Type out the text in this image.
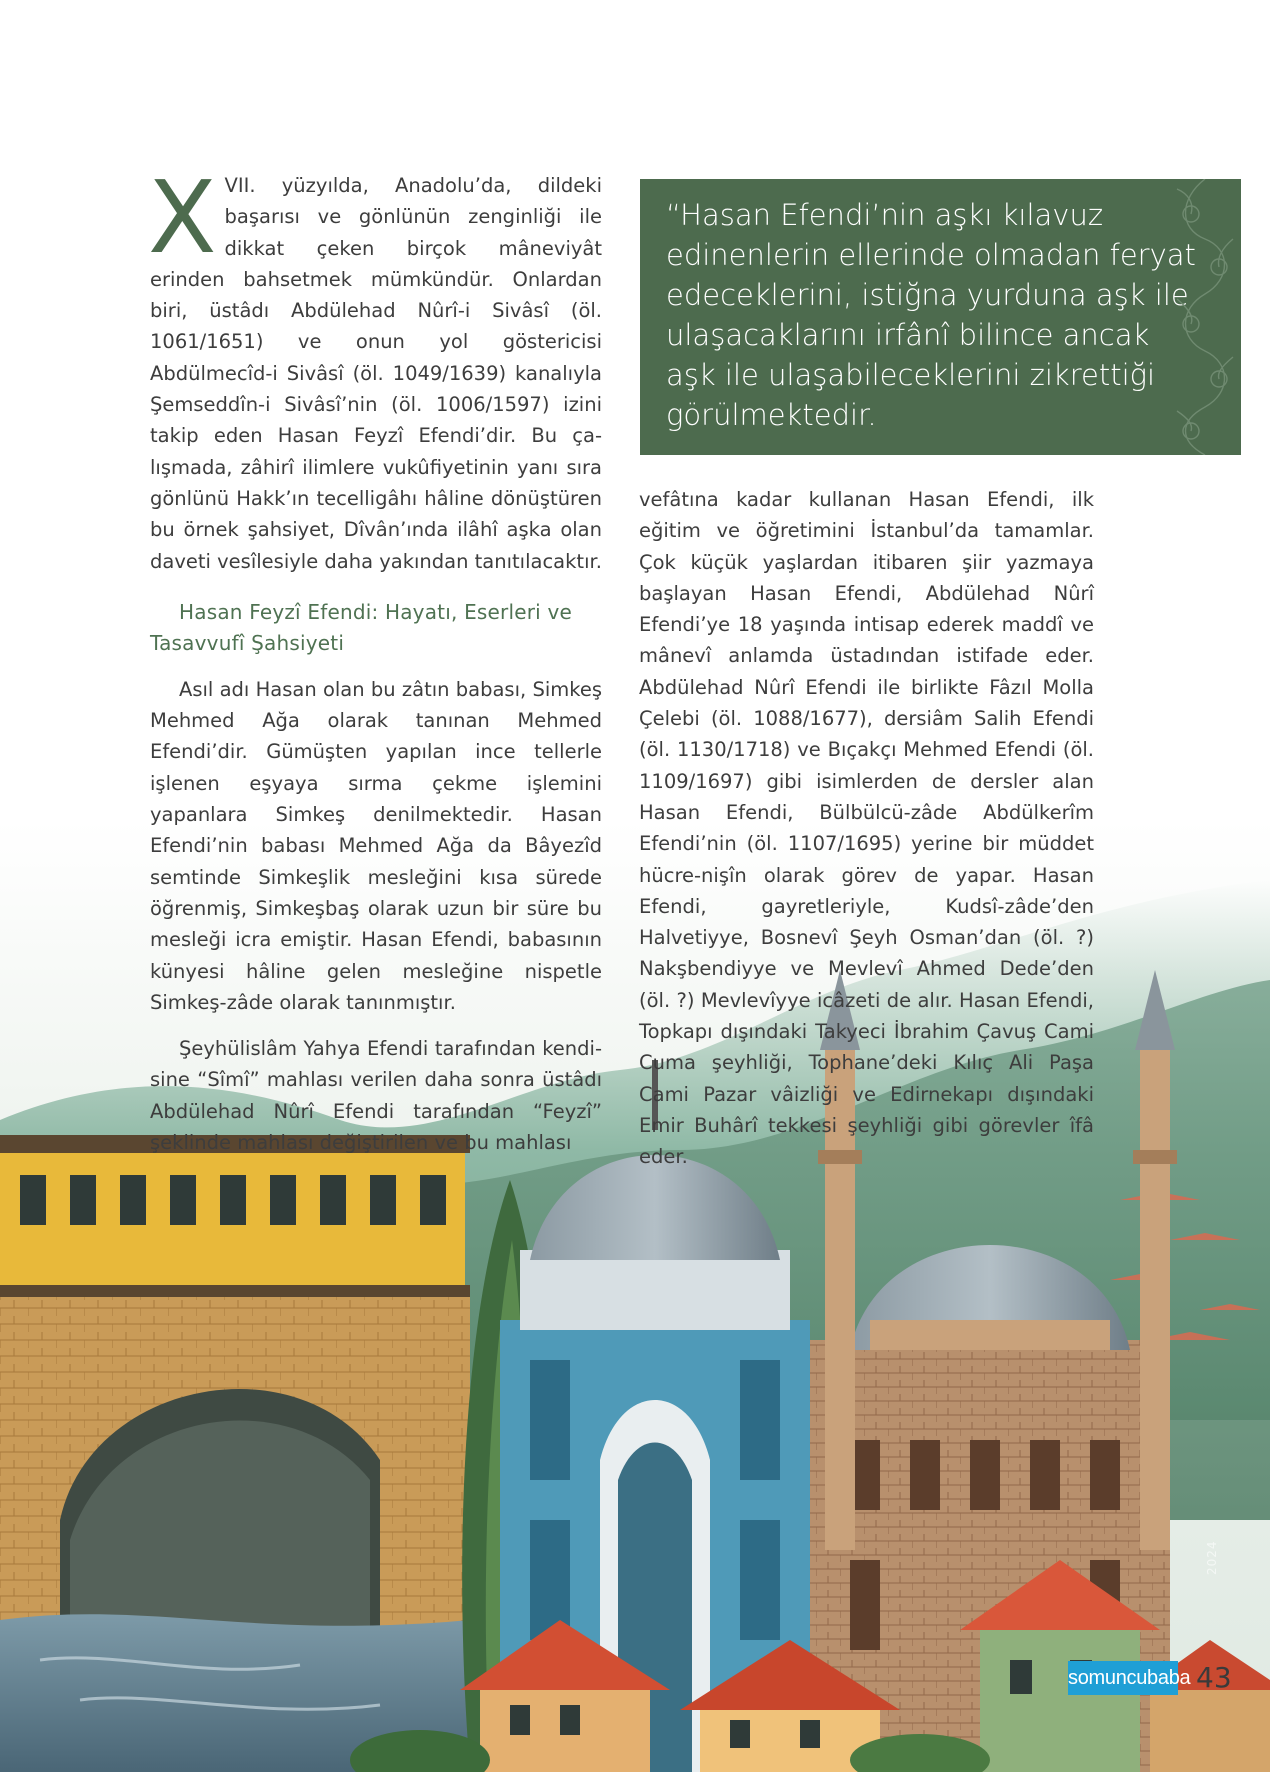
XVII. yüzyılda, Anadolu’da, dildeki başarısı ve gönlünün zenginliği ile dikkat çeken birçok mâneviyât erinden bahsetmek mümkündür. Onlardan biri, üstâdı Abdülehad Nûrî-i Sivâsî (öl. 1061/1651) ve onun yol göstericisi Abdülmecîd-i Sivâsî (öl. 1049/1639) kanalıyla Şemseddîn-i Sivâsî’nin (öl. 1006/1597) izini takip eden Hasan Feyzî Efendi’dir. Bu çalışmada, zâhirî ilimlere vukûfiyetinin yanı sıra gönlünü Hakk’ın tecelligâhı hâline dönüştüren bu örnek şahsiyet, Dîvân’ında ilâhî aşka olan daveti vesîlesiyle daha yakından tanıtılacaktır.

Hasan Feyzî Efendi: Hayatı, Eserleri ve Tasavvufî Şahsiyeti

Asıl adı Hasan olan bu zâtın babası, Simkeş Mehmed Ağa olarak tanınan Mehmed Efendi’dir. Gümüşten yapılan ince tellerle işlenen eşyaya sırma çekme işlemini yapanlara Simkeş denilmektedir. Hasan Efendi’nin babası Mehmed Ağa da Bâyezîd semtinde Simkeşlik mesleğini kısa sürede öğrenmiş, Simkeşbaş olarak uzun bir süre bu mesleği icra emiştir. Hasan Efendi, babasının künyesi hâline gelen mesleğine nispetle Simkeş-zâde olarak tanınmıştır.

Şeyhülislâm Yahya Efendi tarafından kendisine “Sîmî” mahlası verilen daha sonra üstâdı Abdülehad Nûrî Efendi tarafından “Feyzî” şeklinde mahlası değiştirilen ve bu mahlası

“Hasan Efendi’nin aşkı kılavuz edinenlerin ellerinde olmadan feryat edeceklerini, istiğna yurduna aşk ile ulaşacaklarını irfânî bilince ancak aşk ile ulaşabileceklerini zikrettiği görülmektedir.

vefâtına kadar kullanan Hasan Efendi, ilk eğitim ve öğretimini İstanbul’da tamamlar. Çok küçük yaşlardan itibaren şiir yazmaya başlayan Hasan Efendi, Abdülehad Nûrî Efendi’ye 18 yaşında intisap ederek maddî ve mânevî anlamda üstadından istifade eder. Abdülehad Nûrî Efendi ile birlikte Fâzıl Molla Çelebi (öl. 1088/1677), dersiâm Salih Efendi (öl. 1130/1718) ve Bıçakçı Mehmed Efendi (öl. 1109/1697) gibi isimlerden de dersler alan Hasan Efendi, Bülbülcü-zâde Abdülkerîm Efendi’nin (öl. 1107/1695) yerine bir müddet hücre-nişîn olarak görev de yapar. Hasan Efendi, gayretleriyle, Kudsî-zâde’den Halvetiyye, Bosnevî Şeyh Osman’dan (öl. ?) Nakşbendiyye ve Mevlevî Ahmed Dede’den (öl. ?) Mevlevîyye icâzeti de alır. Hasan Efendi, Topkapı dışındaki Takyeci İbrahim Çavuş Cami Cuma şeyhliği, Tophane’deki Kılıç Ali Paşa Cami Pazar vâizliği ve Edirnekapı dışındaki Emir Buhârî tekkesi şeyhliği gibi görevler îfâ eder.

2024
somuncubaba 43
